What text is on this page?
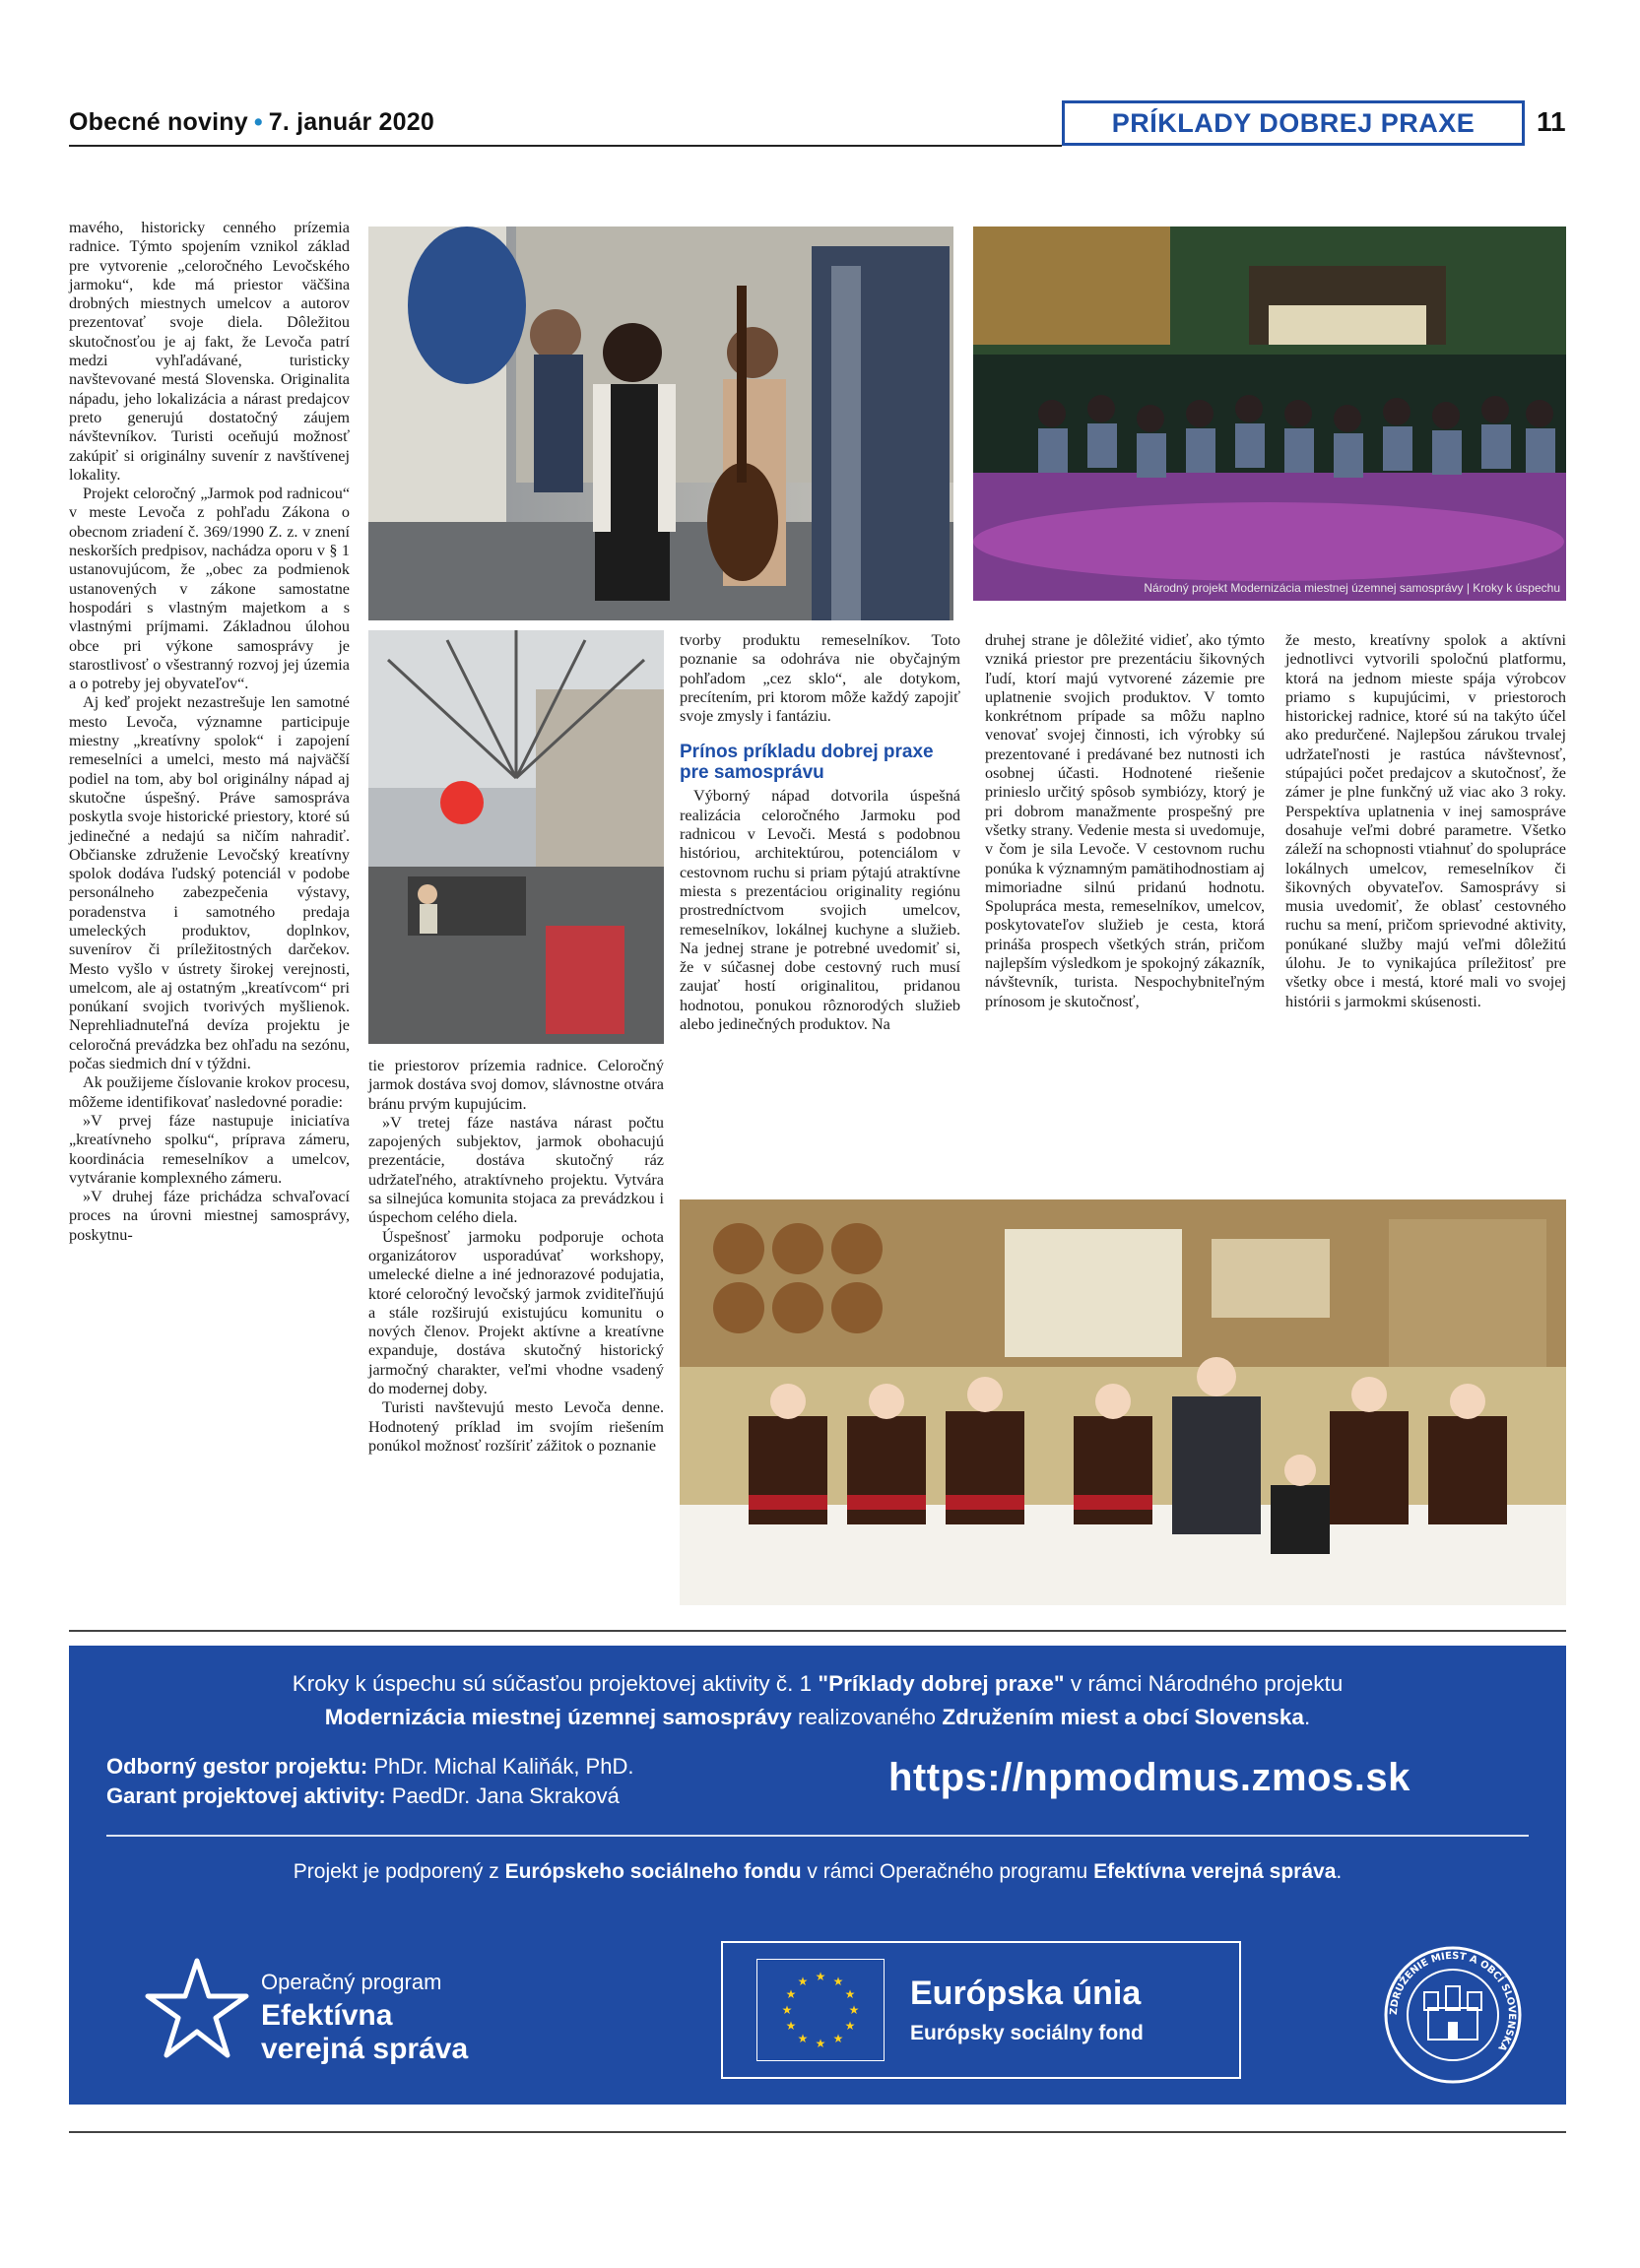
Obecné noviny • 7. január 2020	PRÍKLADY DOBREJ PRAXE 11

mavého, historicky cenného prízemia radnice. Týmto spojením vznikol základ pre vytvorenie „celoročného Levočského jarmoku“, kde má priestor väčšina drobných miestnych umelcov a autorov prezentovať svoje diela. Dôležitou skutočnosťou je aj fakt, že Levoča patrí medzi vyhľadávané, turisticky navštevované mestá Slovenska. Originalita nápadu, jeho lokalizácia a nárast predajcov preto generujú dostatočný záujem návštevníkov. Turisti oceňujú možnosť zakúpiť si originálny suvenír z navštívenej lokality.

Projekt celoročný „Jarmok pod radnicou“ v meste Levoča z pohľadu Zákona o obecnom zriadení č. 369/1990 Z. z. v znení neskorších predpisov, nachádza oporu v § 1 ustanovujúcom, že „obec za podmienok ustanovených v zákone samostatne hospodári s vlastným majetkom a s vlastnými príjmami. Základnou úlohou obce pri výkone samosprávy je starostlivosť o všestranný rozvoj jej územia a o potreby jej obyvateľov“.

Aj keď projekt nezastrešuje len samotné mesto Levoča, významne participuje miestny „kreatívny spolok“ i zapojení remeselníci a umelci, mesto má najväčší podiel na tom, aby bol originálny nápad aj skutočne úspešný. Práve samospráva poskytla svoje historické priestory, ktoré sú jedinečné a nedajú sa ničím nahradiť. Občianske združenie Levočský kreatívny spolok dodáva ľudský potenciál v podobe personálneho zabezpečenia výstavy, poradenstva i samotného predaja umeleckých produktov, doplnkov, suvenírov či príležitostných darčekov. Mesto vyšlo v ústrety širokej verejnosti, umelcom, ale aj ostatným „kreatívcom“ pri ponúkaní svojich tvorivých myšlienok. Neprehliadnuteľná devíza projektu je celoročná prevádzka bez ohľadu na sezónu, počas siedmich dní v týždni.

Ak použijeme číslovanie krokov procesu, môžeme identifikovať nasledovné poradie:

»V prvej fáze nastupuje iniciatíva „kreatívneho spolku“, príprava zámeru, koordinácia remeselníkov a umelcov, vytváranie komplexného zámeru.

»V druhej fáze prichádza schvaľovací proces na úrovni miestnej samosprávy, poskytnu-

Národný projekt Modernizácia miestnej územnej samosprávy | Kroky k úspechu

tie priestorov prízemia radnice. Celoročný jarmok dostáva svoj domov, slávnostne otvára bránu prvým kupujúcim.

»V tretej fáze nastáva nárast počtu zapojených subjektov, jarmok obohacujú prezentácie, dostáva skutočný ráz udržateľného, atraktívneho projektu. Vytvára sa silnejúca komunita stojaca za prevádzkou i úspechom celého diela.

Úspešnosť jarmoku podporuje ochota organizátorov usporadúvať workshopy, umelecké dielne a iné jednorazové podujatia, ktoré celoročný levočský jarmok zviditeľňujú a stále rozširujú existujúcu komunitu o nových členov. Projekt aktívne a kreatívne expanduje, dostáva skutočný historický jarmočný charakter, veľmi vhodne vsadený do modernej doby.

Turisti navštevujú mesto Levoča denne. Hodnotený príklad im svojím riešením ponúkol možnosť rozšíriť zážitok o poznanie

tvorby produktu remeselníkov. Toto poznanie sa odohráva nie obyčajným pohľadom „cez sklo“, ale dotykom, precítením, pri ktorom môže každý zapojiť svoje zmysly i fantáziu.

Prínos príkladu dobrej praxe pre samosprávu

Výborný nápad dotvorila úspešná realizácia celoročného Jarmoku pod radnicou v Levoči. Mestá s podobnou históriou, architektúrou, potenciálom v cestovnom ruchu si priam pýtajú atraktívne miesta s prezentáciou originality regiónu prostredníctvom svojich umelcov, remeselníkov, lokálnej kuchyne a služieb. Na jednej strane je potrebné uvedomiť si, že v súčasnej dobe cestovný ruch musí zaujať hostí originalitou, pridanou hodnotou, ponukou rôznorodých služieb alebo jedinečných produktov. Na

druhej strane je dôležité vidieť, ako týmto vzniká priestor pre prezentáciu šikovných ľudí, ktorí majú vytvorené zázemie pre uplatnenie svojich produktov. V tomto konkrétnom prípade sa môžu naplno venovať svojej činnosti, ich výrobky sú prezentované i predávané bez nutnosti ich osobnej účasti. Hodnotené riešenie prinieslo určitý spôsob symbiózy, ktorý je pri dobrom manažmente prospešný pre všetky strany. Vedenie mesta si uvedomuje, v čom je sila Levoče. V cestovnom ruchu ponúka k významným pamätihodnostiam aj mimoriadne silnú pridanú hodnotu. Spolupráca mesta, remeselníkov, umelcov, poskytovateľov služieb je cesta, ktorá prináša prospech všetkých strán, pričom najlepším výsledkom je spokojný zákazník, návštevník, turista. Nespochybniteľným prínosom je skutočnosť,

že mesto, kreatívny spolok a aktívni jednotlivci vytvorili spoločnú platformu, ktorá na jednom mieste spája výrobcov priamo s kupujúcimi, v priestoroch historickej radnice, ktoré sú na takýto účel ako predurčené. Najlepšou zárukou trvalej udržateľnosti je rastúca návštevnosť, stúpajúci počet predajcov a skutočnosť, že zámer je plne funkčný už viac ako 3 roky. Perspektíva uplatnenia v inej samospráve dosahuje veľmi dobré parametre. Všetko záleží na schopnosti vtiahnuť do spolupráce lokálnych umelcov, remeselníkov či šikovných obyvateľov. Samosprávy si musia uvedomiť, že oblasť cestovného ruchu sa mení, pričom sprievodné aktivity, ponúkané služby majú veľmi dôležitú úlohu. Je to vynikajúca príležitosť pre všetky obce i mestá, ktoré mali vo svojej histórii s jarmokmi skúsenosti.

Kroky k úspechu sú súčasťou projektovej aktivity č. 1 "Príklady dobrej praxe" v rámci Národného projektu
Modernizácia miestnej územnej samosprávy realizovaného Združením miest a obcí Slovenska.
Odborný gestor projektu: PhDr. Michal Kaliňák, PhD.
Garant projektovej aktivity: PaedDr. Jana Skraková	https://npmodmus.zmos.sk
Projekt je podporený z Európskeho sociálneho fondu v rámci Operačného programu Efektívna verejná správa.
Operačný program
Efektívna
verejná správa
★ ★
★
★
★
★
★
★
★
★
★
★	Európska únia
Európsky sociálny fond
ZDRUŽENIE MIEST A OBCÍ SLOVENSKA
